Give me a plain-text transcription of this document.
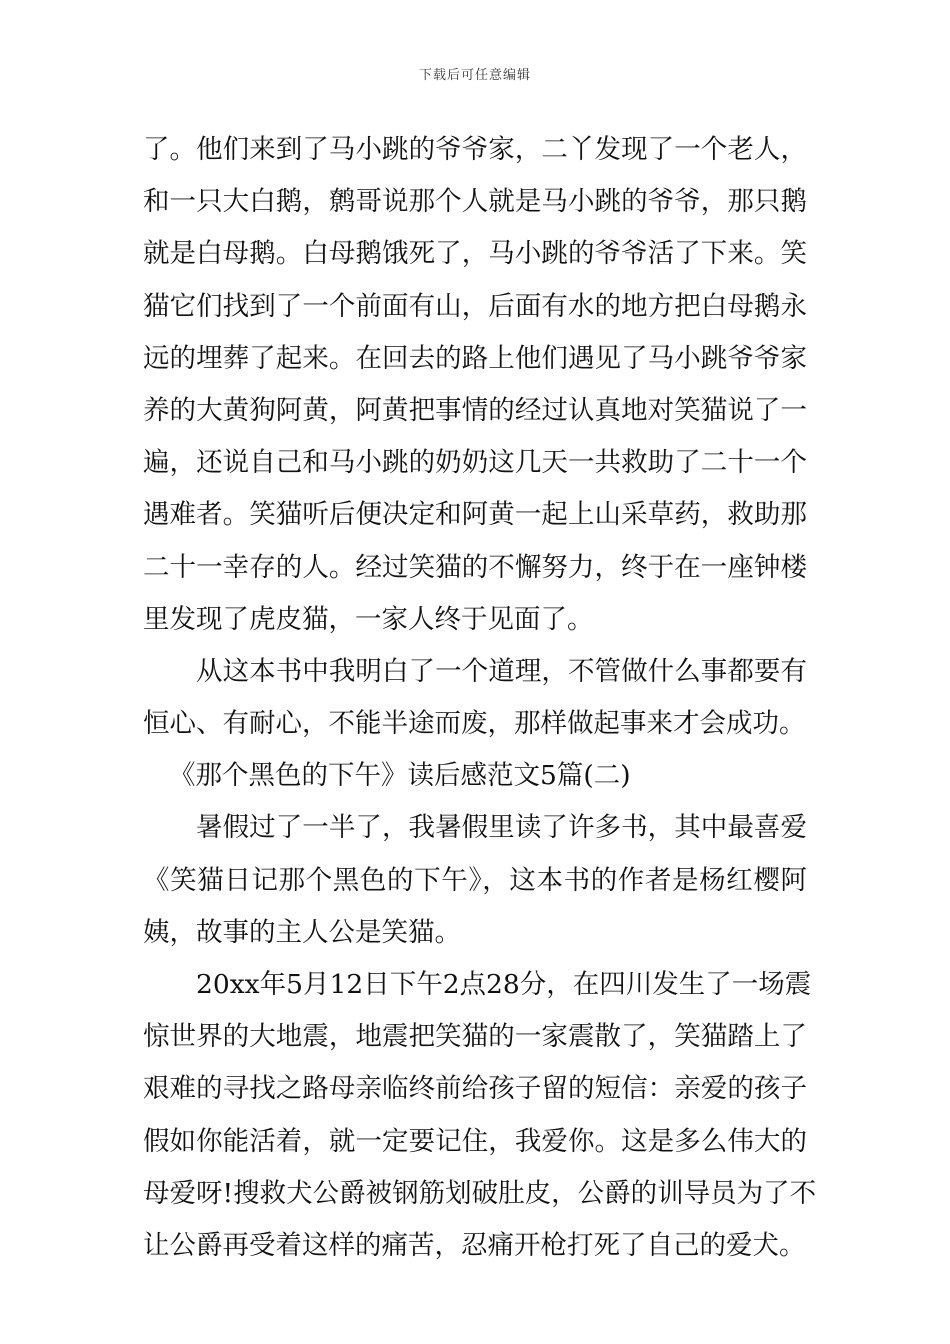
下载后可任意编辑
了。他们来到了马小跳的爷爷家，二丫发现了一个老人，
和一只大白鹅，鹩哥说那个人就是马小跳的爷爷，那只鹅
就是白母鹅。白母鹅饿死了，马小跳的爷爷活了下来。笑
猫它们找到了一个前面有山，后面有水的地方把白母鹅永
远的埋葬了起来。在回去的路上他们遇见了马小跳爷爷家
养的大黄狗阿黄，阿黄把事情的经过认真地对笑猫说了一
遍，还说自己和马小跳的奶奶这几天一共救助了二十一个
遇难者。笑猫听后便决定和阿黄一起上山采草药，救助那
二十一幸存的人。经过笑猫的不懈努力，终于在一座钟楼
里发现了虎皮猫，一家人终于见面了。
从这本书中我明白了一个道理，不管做什么事都要有
恒心、有耐心，不能半途而废，那样做起事来才会成功。
《那个黑色的下午》读后感范文5篇(二)
暑假过了一半了，我暑假里读了许多书，其中最喜爱
《笑猫日记那个黑色的下午》，这本书的作者是杨红樱阿
姨，故事的主人公是笑猫。
20xx年5月12日下午2点28分，在四川发生了一场震
惊世界的大地震，地震把笑猫的一家震散了，笑猫踏上了
艰难的寻找之路母亲临终前给孩子留的短信：亲爱的孩子
假如你能活着，就一定要记住，我爱你。这是多么伟大的
母爱呀!搜救犬公爵被钢筋划破肚皮，公爵的训导员为了不
让公爵再受着这样的痛苦，忍痛开枪打死了自己的爱犬。
